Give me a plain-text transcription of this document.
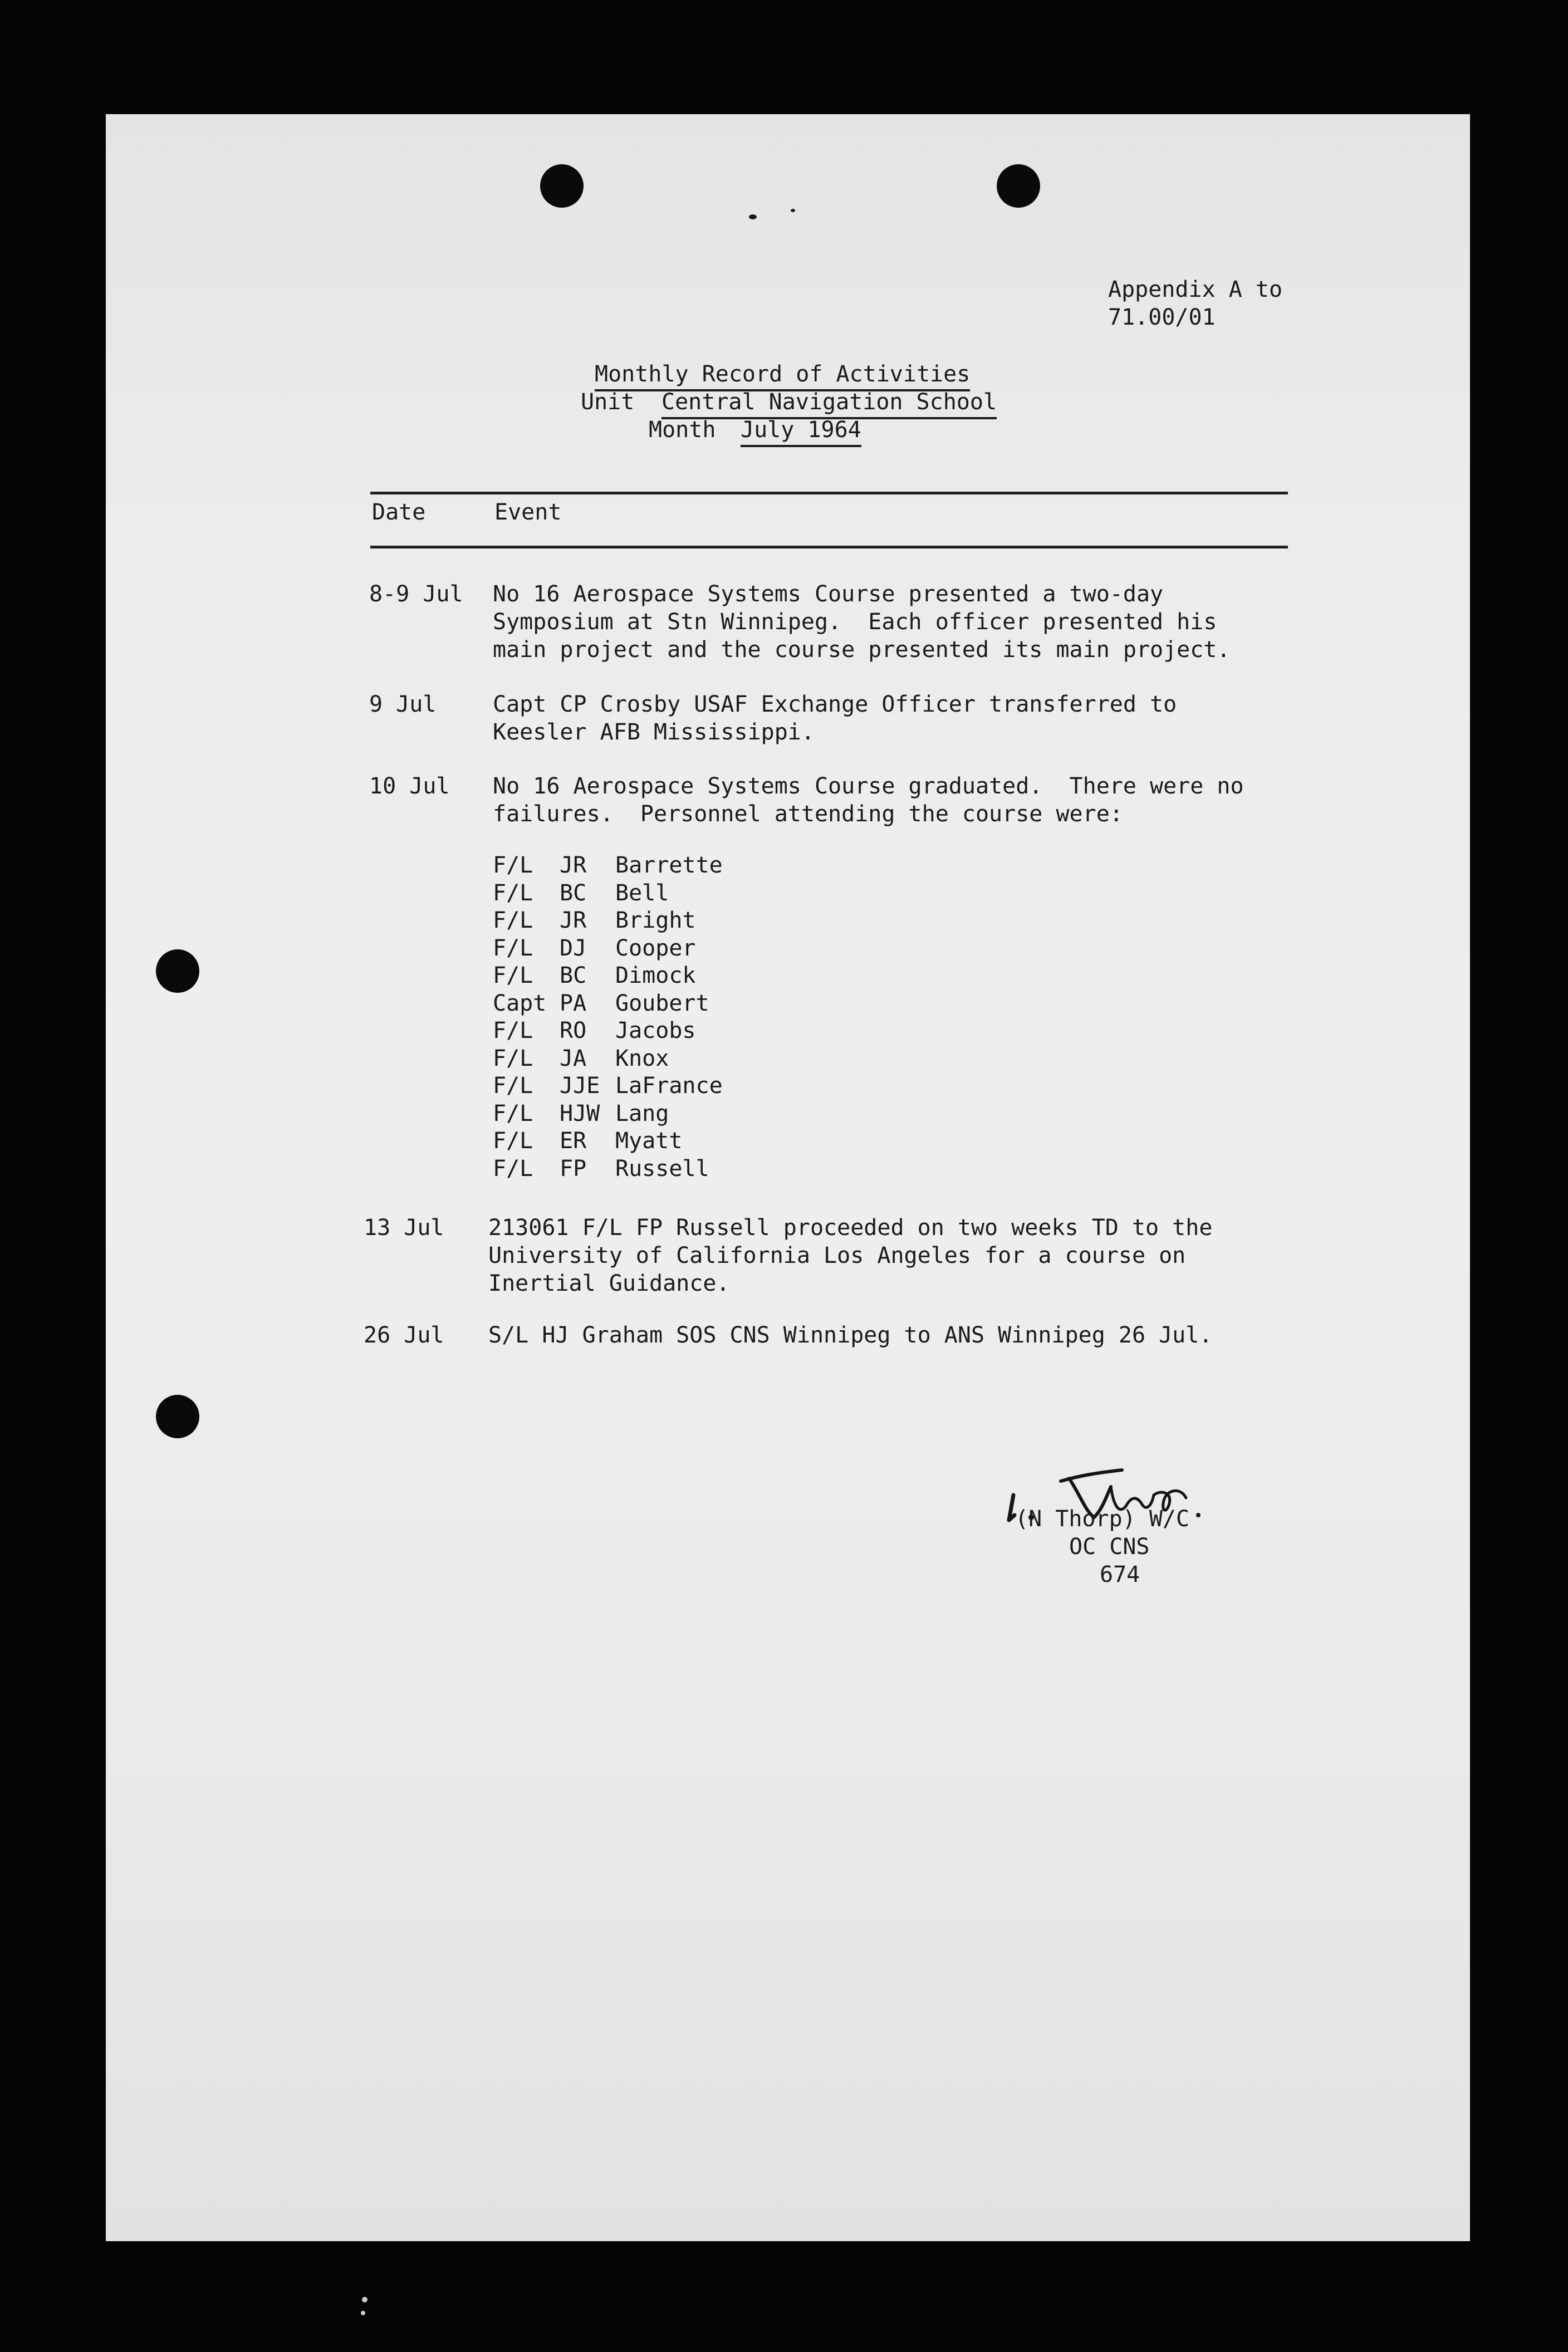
Appendix A to
71.00/01
Monthly Record of Activities
Unit Central Navigation School
Month July 1964
Date	Event
8-9 Jul No 16 Aerospace Systems Course presented a two-day
Symposium at Stn Winnipeg.  Each officer presented his
main project and the course presented its main project.
9 Jul	Capt CP Crosby USAF Exchange Officer transferred to
Keesler AFB Mississippi.
10 Jul No 16 Aerospace Systems Course graduated.  There were no
failures.  Personnel attending the course were:
F/L JR Barrette
F/L BC Bell
F/L JR Bright
F/L DJ Cooper
F/L BC Dimock
Capt PA Goubert
F/L RO Jacobs
F/L JA Knox
F/L JJE LaFrance
F/L HJW Lang
F/L ER Myatt
F/L FP Russell
13 Jul 213061 F/L FP Russell proceeded on two weeks TD to the
University of California Los Angeles for a course on
Inertial Guidance.
26 Jul S/L HJ Graham SOS CNS Winnipeg to ANS Winnipeg 26 Jul.
(N Thorp) W/C
OC CNS
674
